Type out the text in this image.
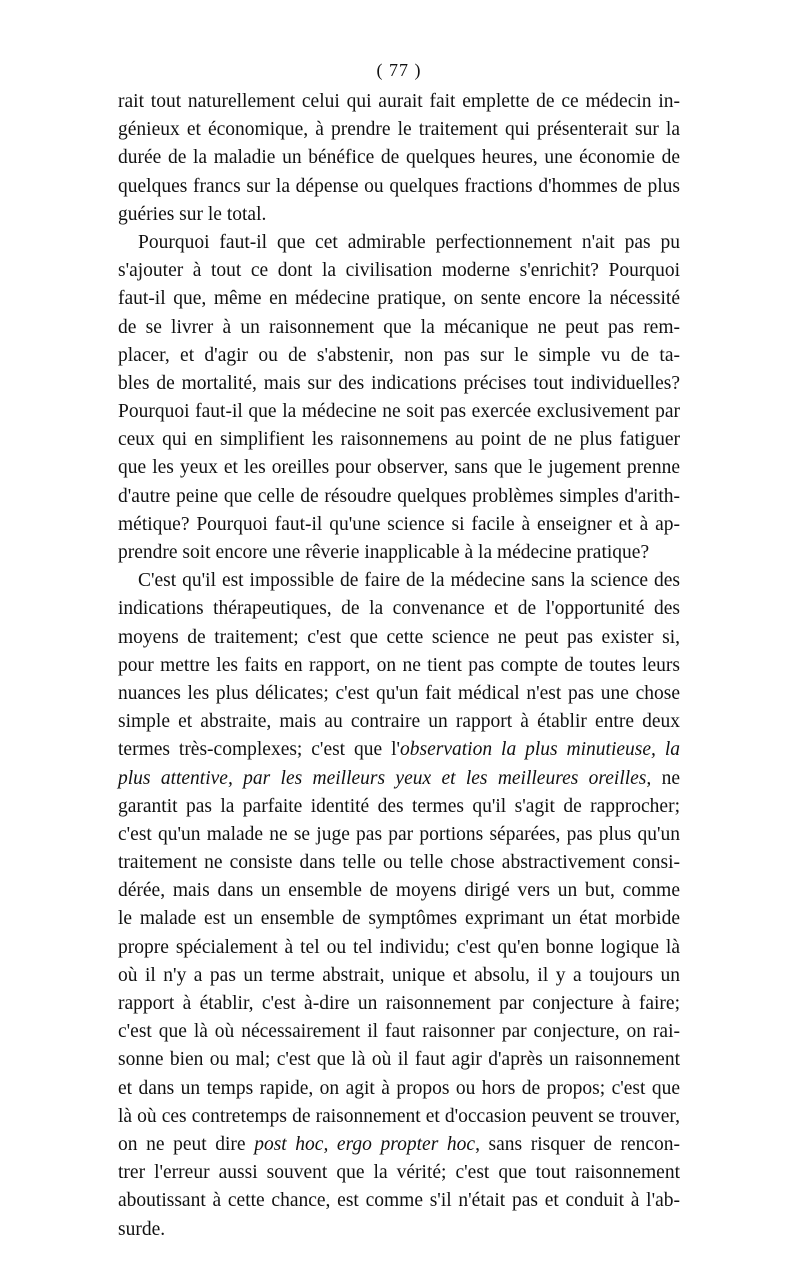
( 77 )
rait tout naturellement celui qui aurait fait emplette de ce médecin in-
génieux et économique, à prendre le traitement qui présenterait sur la
durée de la maladie un bénéfice de quelques heures, une économie de
quelques francs sur la dépense ou quelques fractions d'hommes de plus
guéries sur le total.
Pourquoi faut-il que cet admirable perfectionnement n'ait pas pu
s'ajouter à tout ce dont la civilisation moderne s'enrichit? Pourquoi
faut-il que, même en médecine pratique, on sente encore la nécessité
de se livrer à un raisonnement que la mécanique ne peut pas rem-
placer, et d'agir ou de s'abstenir, non pas sur le simple vu de ta-
bles de mortalité, mais sur des indications précises tout individuelles?
Pourquoi faut-il que la médecine ne soit pas exercée exclusivement par
ceux qui en simplifient les raisonnemens au point de ne plus fatiguer
que les yeux et les oreilles pour observer, sans que le jugement prenne
d'autre peine que celle de résoudre quelques problèmes simples d'arith-
métique? Pourquoi faut-il qu'une science si facile à enseigner et à ap-
prendre soit encore une rêverie inapplicable à la médecine pratique?
C'est qu'il est impossible de faire de la médecine sans la science des
indications thérapeutiques, de la convenance et de l'opportunité des
moyens de traitement; c'est que cette science ne peut pas exister si,
pour mettre les faits en rapport, on ne tient pas compte de toutes leurs
nuances les plus délicates; c'est qu'un fait médical n'est pas une chose
simple et abstraite, mais au contraire un rapport à établir entre deux
termes très-complexes; c'est que l'observation la plus minutieuse, la
plus attentive, par les meilleurs yeux et les meilleures oreilles, ne
garantit pas la parfaite identité des termes qu'il s'agit de rapprocher;
c'est qu'un malade ne se juge pas par portions séparées, pas plus qu'un
traitement ne consiste dans telle ou telle chose abstractivement consi-
dérée, mais dans un ensemble de moyens dirigé vers un but, comme
le malade est un ensemble de symptômes exprimant un état morbide
propre spécialement à tel ou tel individu; c'est qu'en bonne logique là
où il n'y a pas un terme abstrait, unique et absolu, il y a toujours un
rapport à établir, c'est à-dire un raisonnement par conjecture à faire;
c'est que là où nécessairement il faut raisonner par conjecture, on rai-
sonne bien ou mal; c'est que là où il faut agir d'après un raisonnement
et dans un temps rapide, on agit à propos ou hors de propos; c'est que
là où ces contretemps de raisonnement et d'occasion peuvent se trouver,
on ne peut dire post hoc, ergo propter hoc, sans risquer de rencon-
trer l'erreur aussi souvent que la vérité; c'est que tout raisonnement
aboutissant à cette chance, est comme s'il n'était pas et conduit à l'ab-
surde.
